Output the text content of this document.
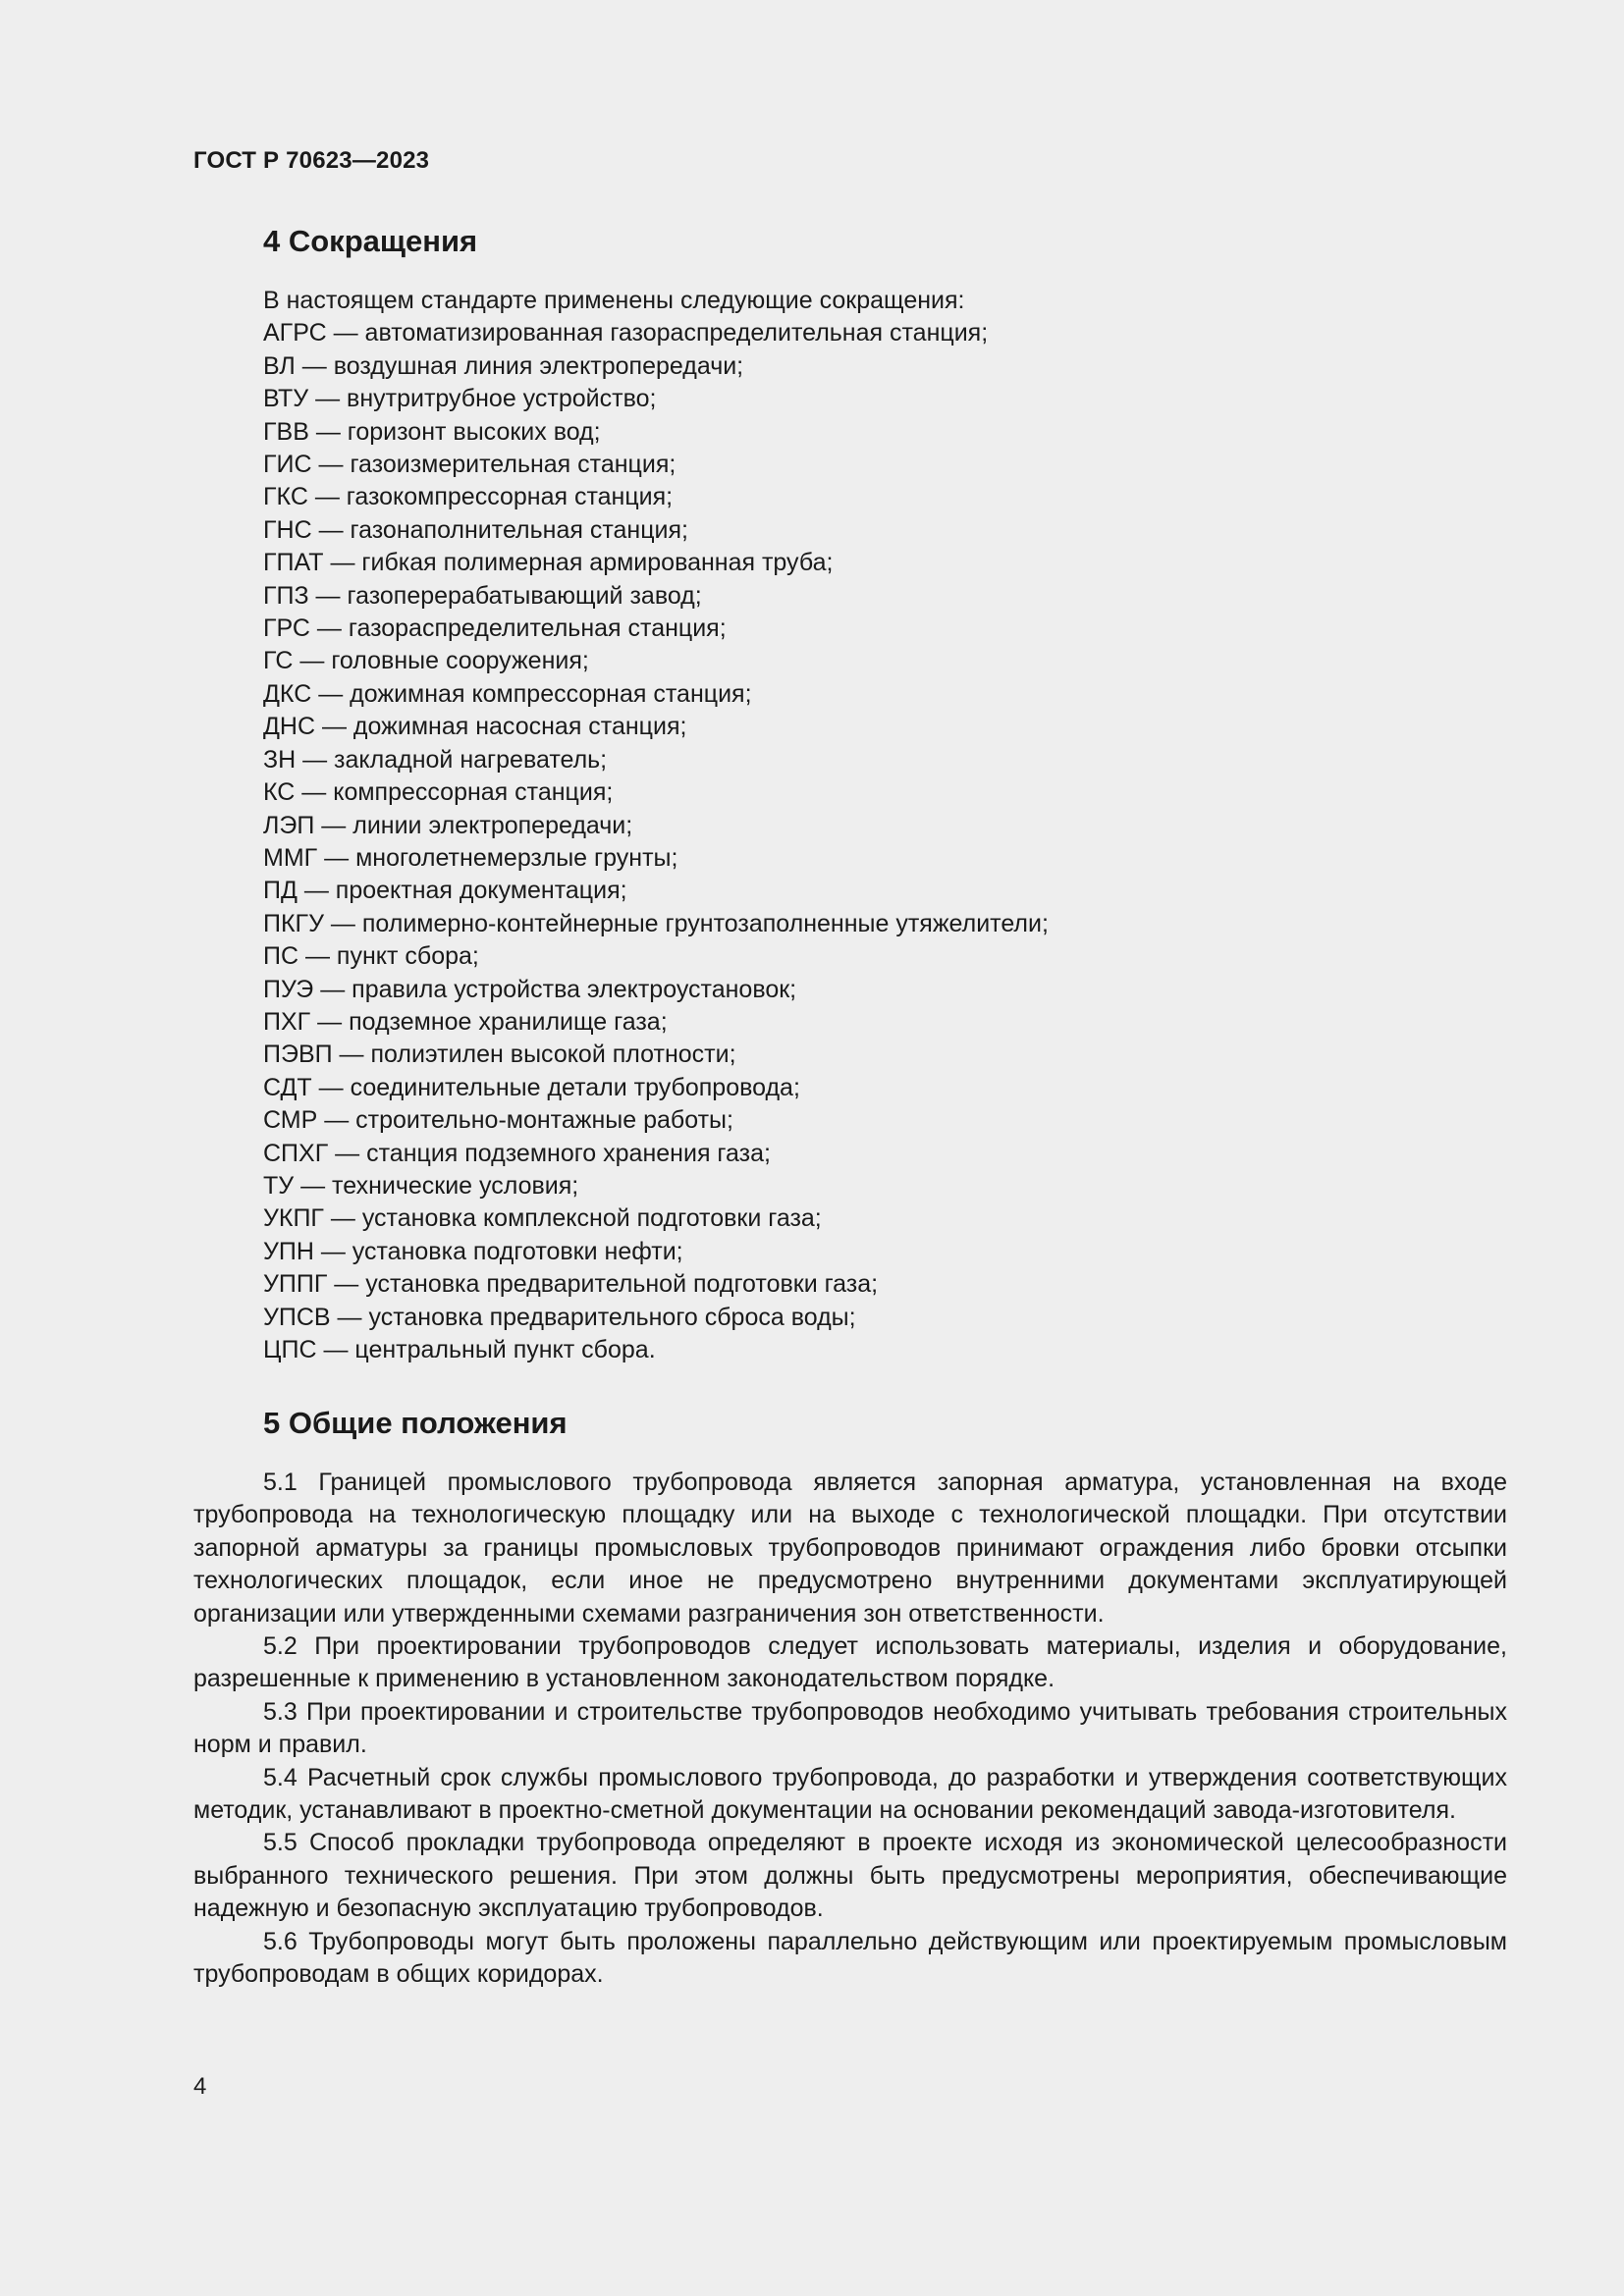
ГОСТ Р 70623—2023
4 Сокращения
В настоящем стандарте применены следующие сокращения:
АГРС — автоматизированная газораспределительная станция;
ВЛ — воздушная линия электропередачи;
ВТУ — внутритрубное устройство;
ГВВ — горизонт высоких вод;
ГИС — газоизмерительная станция;
ГКС — газокомпрессорная станция;
ГНС — газонаполнительная станция;
ГПАТ — гибкая полимерная армированная труба;
ГПЗ — газоперерабатывающий завод;
ГРС — газораспределительная станция;
ГС — головные сооружения;
ДКС — дожимная компрессорная станция;
ДНС — дожимная насосная станция;
ЗН — закладной нагреватель;
КС — компрессорная станция;
ЛЭП — линии электропередачи;
ММГ — многолетнемерзлые грунты;
ПД — проектная документация;
ПКГУ — полимерно-контейнерные грунтозаполненные утяжелители;
ПС — пункт сбора;
ПУЭ — правила устройства электроустановок;
ПХГ — подземное хранилище газа;
ПЭВП — полиэтилен высокой плотности;
СДТ — соединительные детали трубопровода;
СМР — строительно-монтажные работы;
СПХГ — станция подземного хранения газа;
ТУ — технические условия;
УКПГ — установка комплексной подготовки газа;
УПН — установка подготовки нефти;
УППГ — установка предварительной подготовки газа;
УПСВ — установка предварительного сброса воды;
ЦПС — центральный пункт сбора.
5 Общие положения

5.1 Границей промыслового трубопровода является запорная арматура, установленная на входе трубопровода на технологическую площадку или на выходе с технологической площадки. При отсутствии запорной арматуры за границы промысловых трубопроводов принимают ограждения либо бровки отсыпки технологических площадок, если иное не предусмотрено внутренними документами эксплуатирующей организации или утвержденными схемами разграничения зон ответственности.

5.2 При проектировании трубопроводов следует использовать материалы, изделия и оборудование, разрешенные к применению в установленном законодательством порядке.

5.3 При проектировании и строительстве трубопроводов необходимо учитывать требования строительных норм и правил.

5.4 Расчетный срок службы промыслового трубопровода, до разработки и утверждения соответствующих методик, устанавливают в проектно-сметной документации на основании рекомендаций завода-изготовителя.

5.5 Способ прокладки трубопровода определяют в проекте исходя из экономической целесообразности выбранного технического решения. При этом должны быть предусмотрены мероприятия, обеспечивающие надежную и безопасную эксплуатацию трубопроводов.

5.6 Трубопроводы могут быть проложены параллельно действующим или проектируемым промысловым трубопроводам в общих коридорах.

4
